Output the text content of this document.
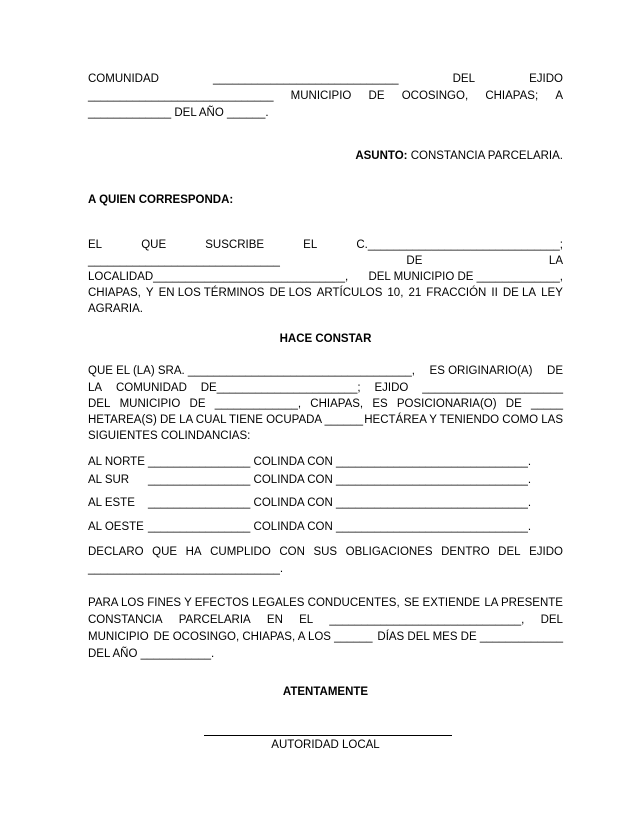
COMUNIDAD	_____________________________	DEL	EJIDO

_____________________________ MUNICIPIO DE OCOSINGO, CHIAPAS; A

_____________ DEL AÑO ______.

ASUNTO: CONSTANCIA PARCELARIA.

A QUIEN CORRESPONDA:

EL	QUE	SUSCRIBE	EL	C.______________________________;

______________________________	DE	LA

LOCALIDAD______________________________, DEL MUNICIPIO DE _____________,

CHIAPAS, Y EN LOS TÉRMINOS DE LOS ARTÍCULOS 10, 21 FRACCIÓN II DE LA LEY

AGRARIA.

HACE CONSTAR

QUE EL (LA) SRA. ___________________________________, ES ORIGINARIO(A) DE

LA COMUNIDAD DE______________________; EJIDO ______________________

DEL MUNICIPIO DE _____________, CHIAPAS, ES POSICIONARIA(O) DE _____

HETAREA(S) DE LA CUAL TIENE OCUPADA ______ HECTÁREA Y TENIENDO COMO LAS

SIGUIENTES COLINDANCIAS:

AL NORTE ________________ COLINDA CON ______________________________.

AL SUR ________________ COLINDA CON ______________________________.

AL ESTE ________________ COLINDA CON ______________________________.

AL OESTE ________________ COLINDA CON ______________________________.

DECLARO QUE HA CUMPLIDO CON SUS OBLIGACIONES DENTRO DEL EJIDO

______________________________.

PARA LOS FINES Y EFECTOS LEGALES CONDUCENTES, SE EXTIENDE LA PRESENTE

CONSTANCIA PARCELARIA EN EL ______________________________, DEL

MUNICIPIO DE OCOSINGO, CHIAPAS, A LOS ______ DÍAS DEL MES DE _____________

DEL AÑO ___________.

ATENTAMENTE

AUTORIDAD LOCAL
